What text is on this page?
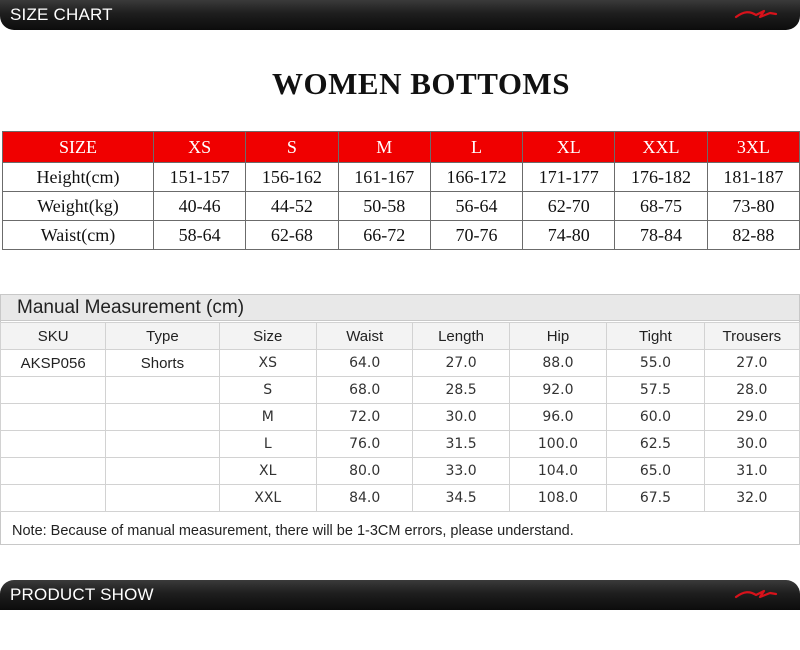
SIZE CHART
WOMEN BOTTOMS
SIZE	XS	S	M	L	XL	XXL	3XL
Height(cm)	151-157	156-162	161-167	166-172	171-177	176-182	181-187
Weight(kg)	40-46	44-52	50-58	56-64	62-70	68-75	73-80
Waist(cm)	58-64	62-68	66-72	70-76	74-80	78-84	82-88
Manual Measurement (cm)
SKU	Type	Size	Waist	Length	Hip	Tight	Trousers
AKSP056	Shorts	XS	64.0	27.0	88.0	55.0	27.0
		S	68.0	28.5	92.0	57.5	28.0
		M	72.0	30.0	96.0	60.0	29.0
		L	76.0	31.5	100.0	62.5	30.0
		XL	80.0	33.0	104.0	65.0	31.0
		XXL	84.0	34.5	108.0	67.5	32.0
Note: Because of manual measurement, there will be 1-3CM errors, please understand.
PRODUCT SHOW
